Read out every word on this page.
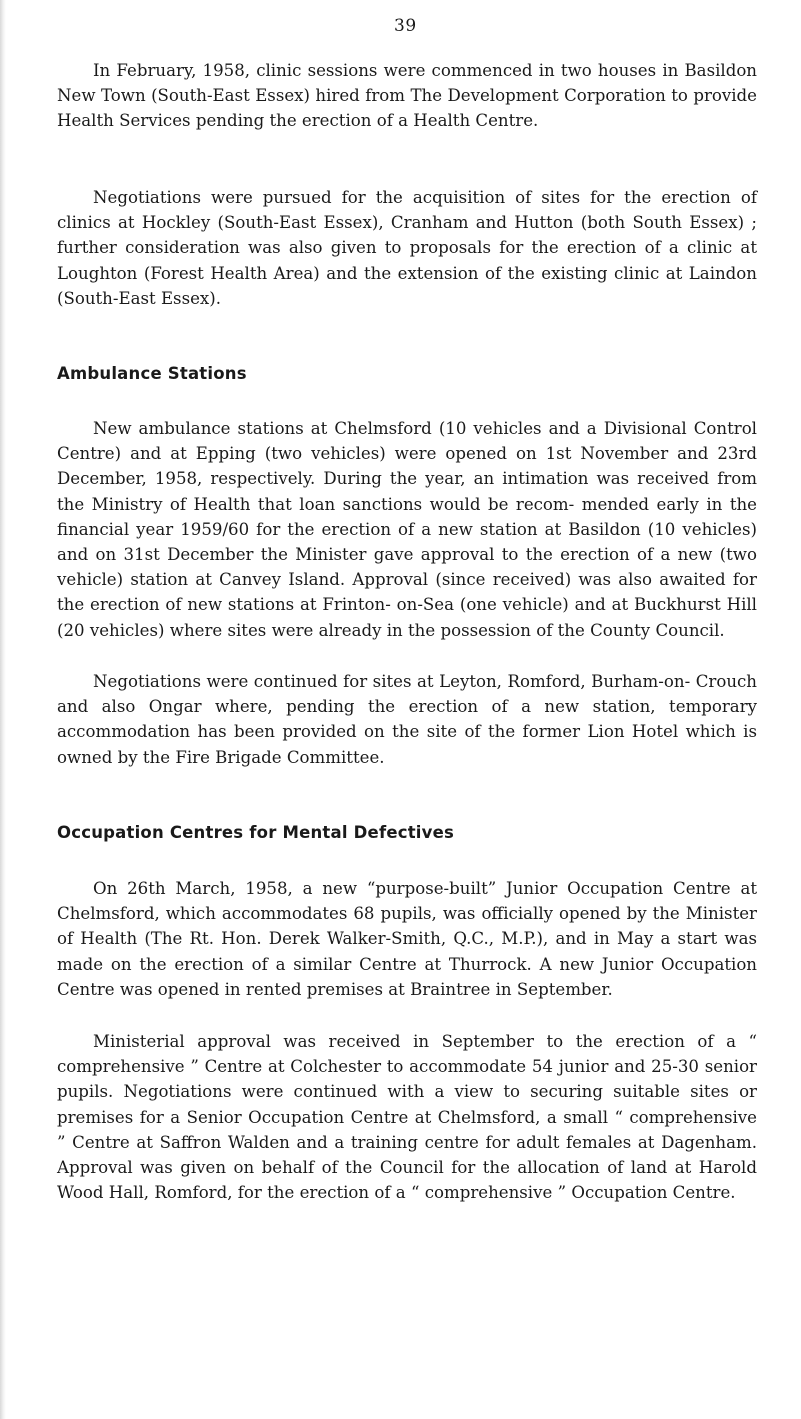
39

In February, 1958, clinic sessions were commenced in two houses in Basildon New Town (South-East Essex) hired from The Development Corporation to provide Health Services pending the erection of a Health Centre.

Negotiations were pursued for the acquisition of sites for the erection of clinics at Hockley (South-East Essex), Cranham and Hutton (both South Essex) ; further consideration was also given to proposals for the erection of a clinic at Loughton (Forest Health Area) and the extension of the existing clinic at Laindon (South-East Essex).

Ambulance Stations

New ambulance stations at Chelmsford (10 vehicles and a Divisional Control Centre) and at Epping (two vehicles) were opened on 1st November and 23rd December, 1958, respectively. During the year, an intimation was received from the Ministry of Health that loan sanctions would be recom- mended early in the financial year 1959/60 for the erection of a new station at Basildon (10 vehicles) and on 31st December the Minister gave approval to the erection of a new (two vehicle) station at Canvey Island. Approval (since received) was also awaited for the erection of new stations at Frinton- on-Sea (one vehicle) and at Buckhurst Hill (20 vehicles) where sites were already in the possession of the County Council.

Negotiations were continued for sites at Leyton, Romford, Burham-on- Crouch and also Ongar where, pending the erection of a new station, temporary accommodation has been provided on the site of the former Lion Hotel which is owned by the Fire Brigade Committee.

Occupation Centres for Mental Defectives

On 26th March, 1958, a new “purpose-built” Junior Occupation Centre at Chelmsford, which accommodates 68 pupils, was officially opened by the Minister of Health (The Rt. Hon. Derek Walker-Smith, Q.C., M.P.), and in May a start was made on the erection of a similar Centre at Thurrock. A new Junior Occupation Centre was opened in rented premises at Braintree in September.

Ministerial approval was received in September to the erection of a “ comprehensive ” Centre at Colchester to accommodate 54 junior and 25-30 senior pupils. Negotiations were continued with a view to securing suitable sites or premises for a Senior Occupation Centre at Chelmsford, a small “ comprehensive ” Centre at Saffron Walden and a training centre for adult females at Dagenham. Approval was given on behalf of the Council for the allocation of land at Harold Wood Hall, Romford, for the erection of a “ comprehensive ” Occupation Centre.
